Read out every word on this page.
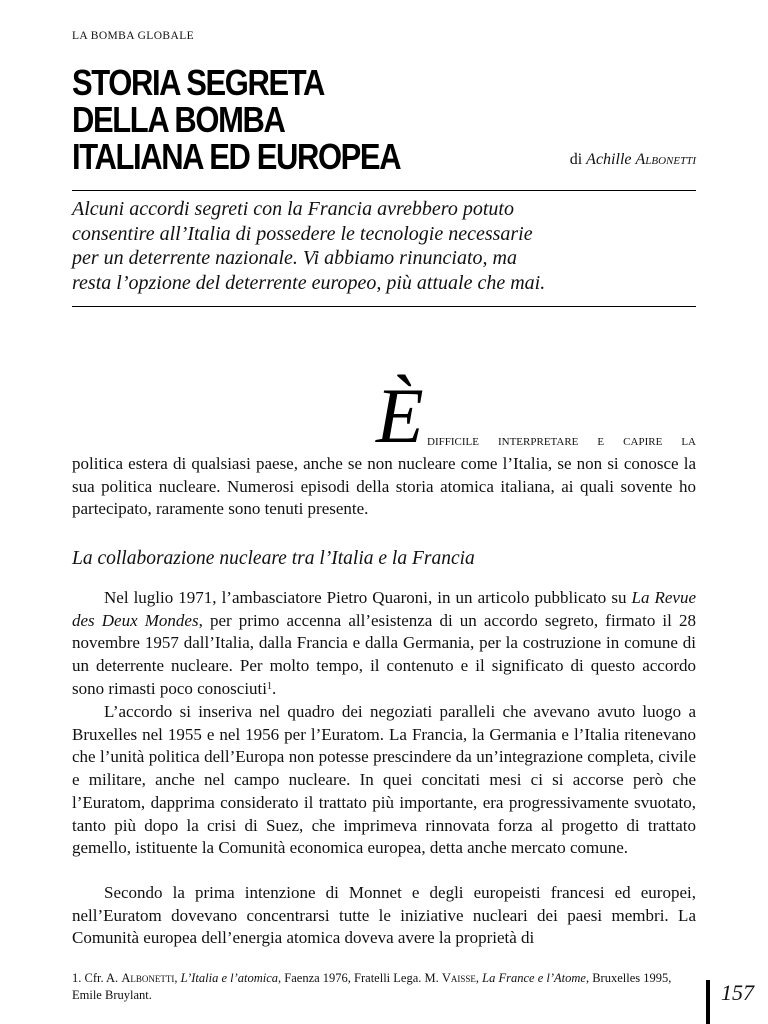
LA BOMBA GLOBALE
STORIA SEGRETA
DELLA BOMBA
ITALIANA ED EUROPEA	di Achille Albonetti
Alcuni accordi segreti con la Francia avrebbero potuto
consentire all’Italia di possedere le tecnologie necessarie
per un deterrente nazionale. Vi abbiamo rinunciato, ma
resta l’opzione del deterrente europeo, più attuale che mai.
È difficile interpretare e capire la

politica estera di qualsiasi paese, anche se non nucleare come l’Italia, se non si conosce la sua politica nucleare. Numerosi episodi della storia atomica italiana, ai quali sovente ho partecipato, raramente sono tenuti presente.

La collaborazione nucleare tra l’Italia e la Francia

Nel luglio 1971, l’ambasciatore Pietro Quaroni, in un articolo pubblicato su La Revue des Deux Mondes, per primo accenna all’esistenza di un accordo segreto, firmato il 28 novembre 1957 dall’Italia, dalla Francia e dalla Germania, per la costruzione in comune di un deterrente nucleare. Per molto tempo, il contenuto e il significato di questo accordo sono rimasti poco conosciuti$^1$.

L’accordo si inseriva nel quadro dei negoziati paralleli che avevano avuto luogo a Bruxelles nel 1955 e nel 1956 per l’Euratom. La Francia, la Germania e l’Italia ritenevano che l’unità politica dell’Europa non potesse prescindere da un’integrazione completa, civile e militare, anche nel campo nucleare. In quei concitati mesi ci si accorse però che l’Euratom, dapprima considerato il trattato più importante, era progressivamente svuotato, tanto più dopo la crisi di Suez, che imprimeva rinnovata forza al progetto di trattato gemello, istituente la Comunità economica europea, detta anche mercato comune.

Secondo la prima intenzione di Monnet e degli europeisti francesi ed europei, nell’Euratom dovevano concentrarsi tutte le iniziative nucleari dei paesi membri. La Comunità europea dell’energia atomica doveva avere la proprietà di

1. Cfr. A. Albonetti, L’Italia e l’atomica, Faenza 1976, Fratelli Lega. M. Vaisse, La France e l’Atome, Bruxelles 1995, Emile Bruylant.	157
